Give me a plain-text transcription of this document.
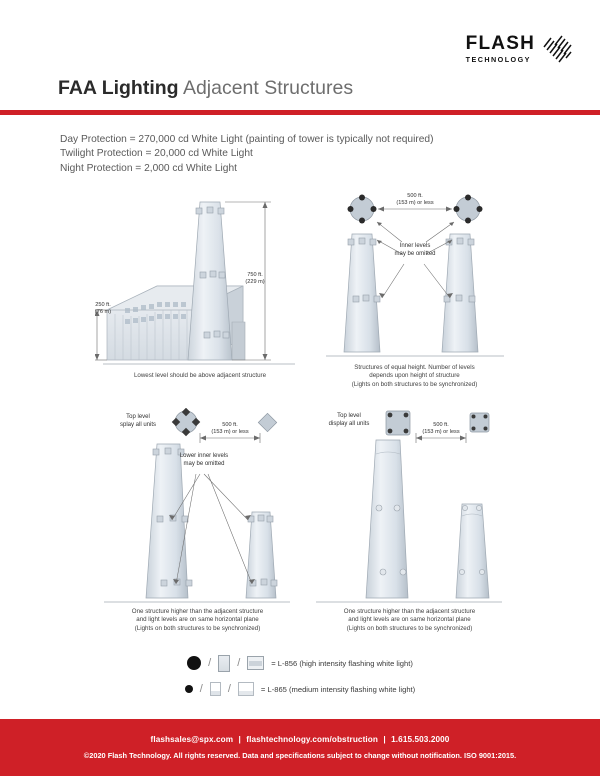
FLASH
TECHNOLOGY
FAA Lighting Adjacent Structures
Day Protection = 270,000 cd White Light (painting of tower is typically not required)
Twilight Protection = 20,000 cd White Light
Night Protection = 2,000 cd White Light
750 ft.
(229 m)
250 ft.
(76 m)
Lowest level should be above adjacent structure
500 ft.
(153 m) or less
Inner levels
may be omitted
Structures of equal height. Number of levels
depends upon height of structure
(Lights on both structures to be synchronized)
Top level
splay all units	500 ft.
(153 m) or less
Lower inner levels
may be omitted
One structure higher than the adjacent structure
and light levels are on same horizontal plane
(Lights on both structures to be synchronized)
Top level
display all units	500 ft.
(153 m) or less
One structure higher than the adjacent structure
and light levels are on same horizontal plane
(Lights on both structures to be synchronized)
/ /	= L-856 (high intensity flashing white light)
/ /	= L-865 (medium intensity flashing white light)
flashsales@spx.com | flashtechnology.com/obstruction | 1.615.503.2000
©2020 Flash Technology. All rights reserved. Data and specifications subject to change without notification. ISO 9001:2015.
